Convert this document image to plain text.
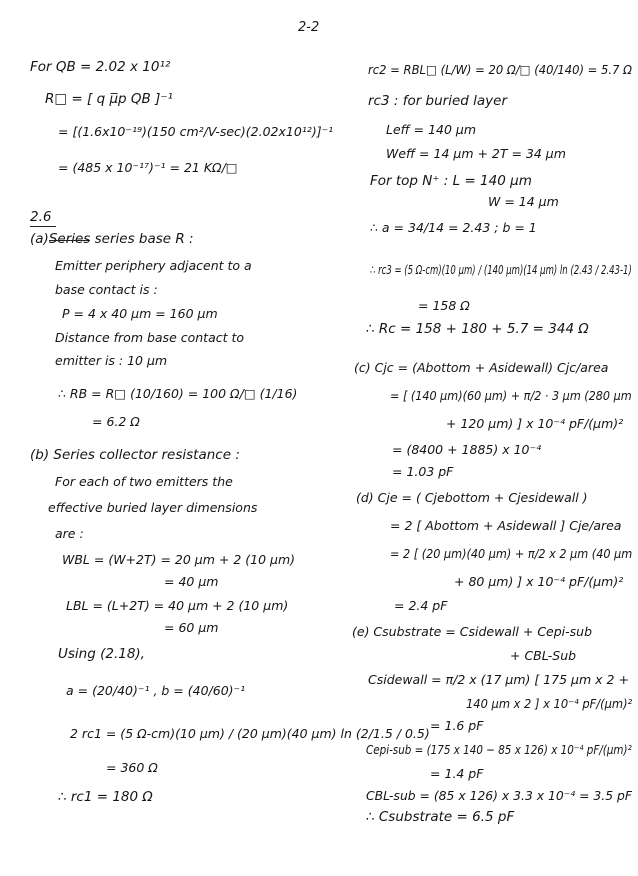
2-2
For QB = 2.02 x 10¹²
R□ = [ q μ̅p QB ]⁻¹
= [(1.6x10⁻¹⁹)(150 cm²/V-sec)(2.02x10¹²)]⁻¹
= (485 x 10⁻¹⁷)⁻¹ = 21 KΩ/□
2.6
(a)Series series base R :
Emitter periphery adjacent to a
base contact is :
P = 4 x 40 μm = 160 μm
Distance from base contact to
emitter is : 10 μm
∴ RB = R□ (10/160) = 100 Ω/□ (1/16)
= 6.2 Ω
(b) Series collector resistance :
For each of two emitters the
effective buried layer dimensions
are :
WBL = (W+2T) = 20 μm + 2 (10 μm)
= 40 μm
LBL = (L+2T) = 40 μm + 2 (10 μm)
= 60 μm
Using (2.18),
a = (20/40)⁻¹ , b = (40/60)⁻¹
2 rc1 = (5 Ω-cm)(10 μm) / (20 μm)(40 μm) ln (2/1.5 / 0.5)
= 360 Ω
∴ rc1 = 180 Ω
rc2 = RBL□ (L/W) = 20 Ω/□ (40/140) = 5.7 Ω
rc3 : for buried layer
Leff = 140 μm
Weff = 14 μm + 2T = 34 μm
For top N⁺ : L = 140 μm
W = 14 μm
∴ a = 34/14 = 2.43 ; b = 1
∴ rc3 = (5 Ω-cm)(10 μm) / (140 μm)(14 μm) ln (2.43 / 2.43-1)
= 158 Ω
∴ Rc = 158 + 180 + 5.7 = 344 Ω
(c) Cjc = (Abottom + Asidewall) Cjc/area
= [ (140 μm)(60 μm) + π/2 · 3 μm (280 μm
+ 120 μm) ] x 10⁻⁴ pF/(μm)²
= (8400 + 1885) x 10⁻⁴
= 1.03 pF
(d) Cje = ( Cjebottom + Cjesidewall )
= 2 [ Abottom + Asidewall ] Cje/area
= 2 [ (20 μm)(40 μm) + π/2 x 2 μm (40 μm
+ 80 μm) ] x 10⁻⁴ pF/(μm)²
= 2.4 pF
(e) Csubstrate = Csidewall + Cepi-sub
+ CBL-Sub
Csidewall = π/2 x (17 μm) [ 175 μm x 2 +
140 μm x 2 ] x 10⁻⁴ pF/(μm)²
= 1.6 pF
Cepi-sub = (175 x 140 − 85 x 126) x 10⁻⁴ pF/(μm)²
= 1.4 pF
CBL-sub = (85 x 126) x 3.3 x 10⁻⁴ = 3.5 pF
∴ Csubstrate = 6.5 pF
